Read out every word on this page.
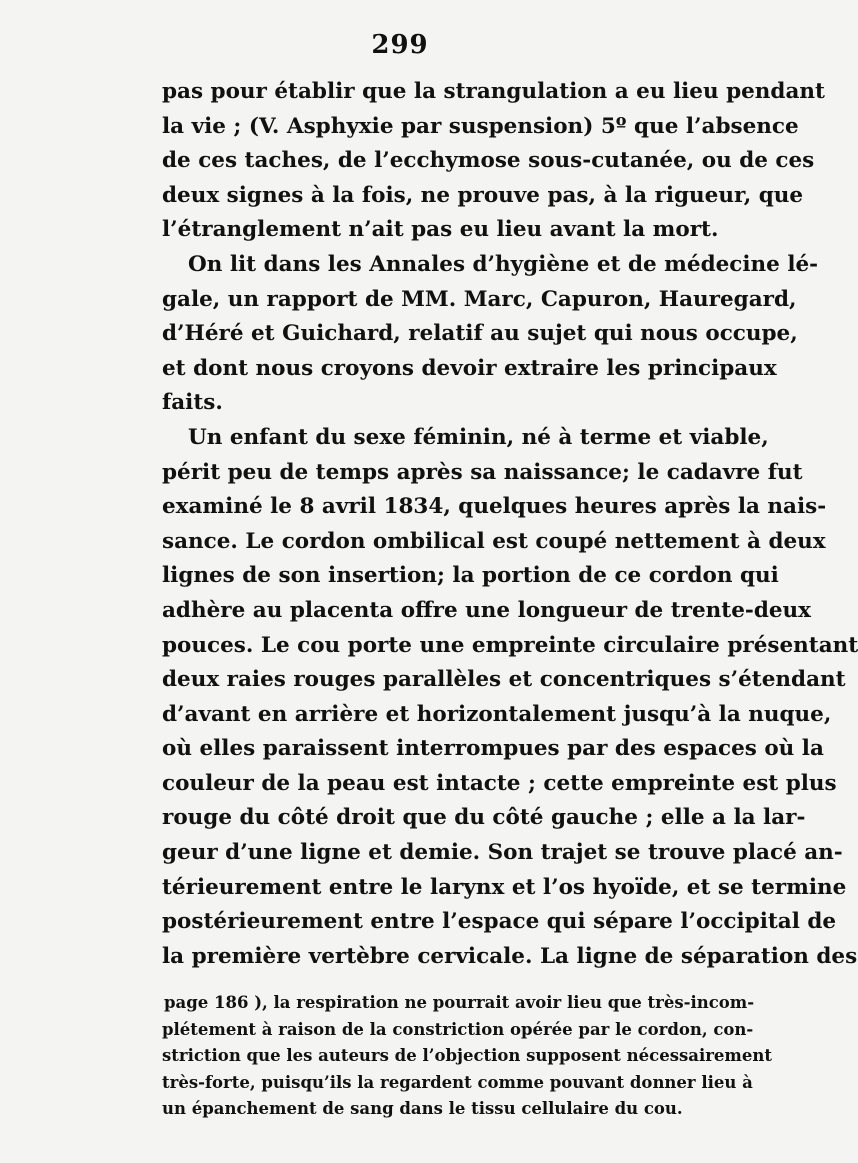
299
pas pour établir que la strangulation a eu lieu pendant
la vie ; (V. Asphyxie par suspension) 5º que l’absence
de ces taches, de l’ecchymose sous-cutanée, ou de ces
deux signes à la fois, ne prouve pas, à la rigueur, que
l’étranglement n’ait pas eu lieu avant la mort.
On lit dans les Annales d’hygiène et de médecine lé-
gale, un rapport de MM. Marc, Capuron, Hauregard,
d’Héré et Guichard, relatif au sujet qui nous occupe,
et dont nous croyons devoir extraire les principaux
faits.
Un enfant du sexe féminin, né à terme et viable,
périt peu de temps après sa naissance; le cadavre fut
examiné le 8 avril 1834, quelques heures après la nais-
sance. Le cordon ombilical est coupé nettement à deux
lignes de son insertion; la portion de ce cordon qui
adhère au placenta offre une longueur de trente-deux
pouces. Le cou porte une empreinte circulaire présentant
deux raies rouges parallèles et concentriques s’étendant
d’avant en arrière et horizontalement jusqu’à la nuque,
où elles paraissent interrompues par des espaces où la
couleur de la peau est intacte ; cette empreinte est plus
rouge du côté droit que du côté gauche ; elle a la lar-
geur d’une ligne et demie. Son trajet se trouve placé an-
térieurement entre le larynx et l’os hyoïde, et se termine
postérieurement entre l’espace qui sépare l’occipital de
la première vertèbre cervicale. La ligne de séparation des
page 186 ), la respiration ne pourrait avoir lieu que très-incom-
plétement à raison de la constriction opérée par le cordon, con-
striction que les auteurs de l’objection supposent nécessairement
très-forte, puisqu’ils la regardent comme pouvant donner lieu à
un épanchement de sang dans le tissu cellulaire du cou.
